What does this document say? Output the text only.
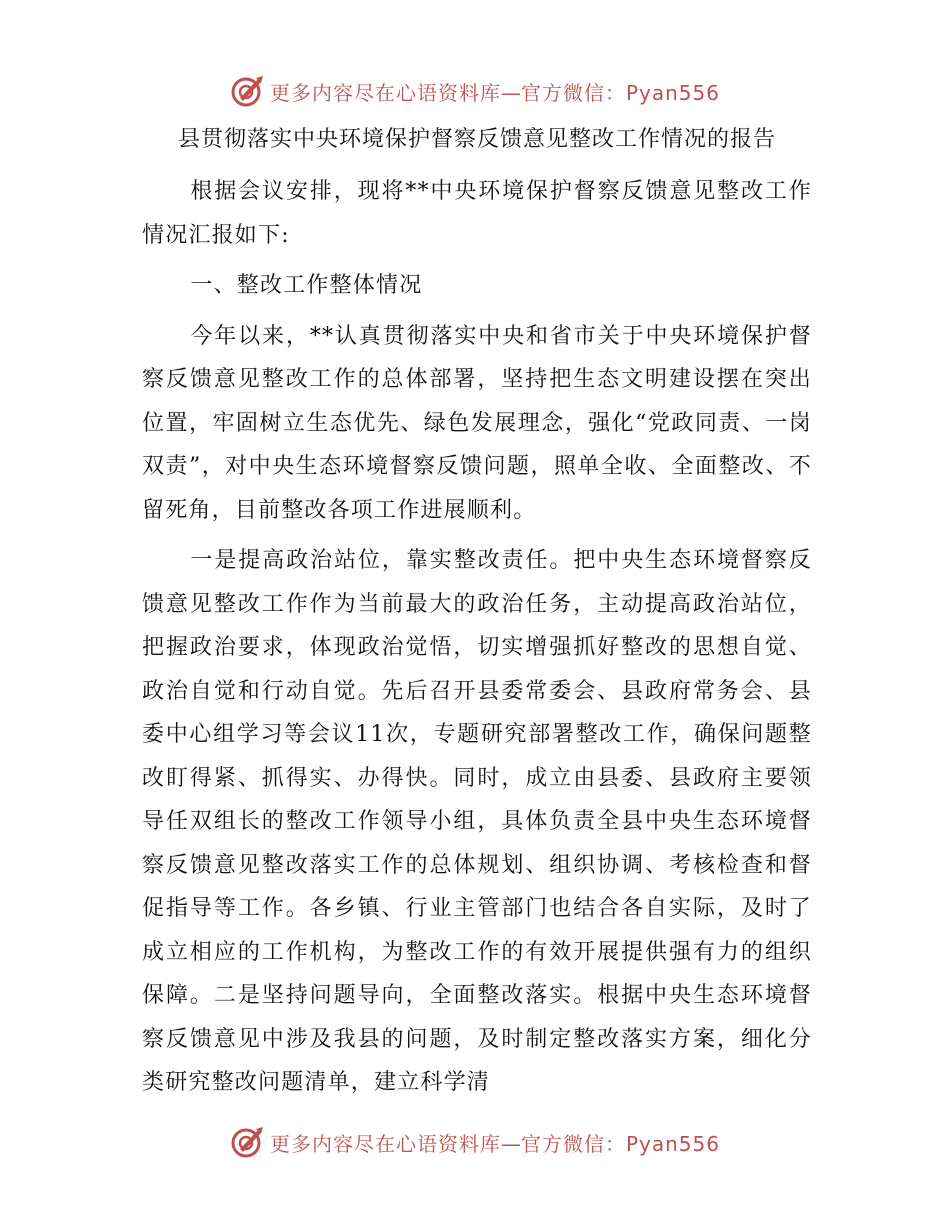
更多内容尽在心语资料库—官方微信：Pyan556
县贯彻落实中央环境保护督察反馈意见整改工作情况的报告

根据会议安排，现将**中央环境保护督察反馈意见整改工作情况汇报如下:

一、整改工作整体情况

今年以来，**认真贯彻落实中央和省市关于中央环境保护督察反馈意见整改工作的总体部署，坚持把生态文明建设摆在突出位置，牢固树立生态优先、绿色发展理念，强化“党政同责、一岗双责”，对中央生态环境督察反馈问题，照单全收、全面整改、不留死角，目前整改各项工作进展顺利。

一是提高政治站位，靠实整改责任。把中央生态环境督察反馈意见整改工作作为当前最大的政治任务，主动提高政治站位，把握政治要求，体现政治觉悟，切实增强抓好整改的思想自觉、政治自觉和行动自觉。先后召开县委常委会、县政府常务会、县委中心组学习等会议11次，专题研究部署整改工作，确保问题整改盯得紧、抓得实、办得快。同时，成立由县委、县政府主要领导任双组长的整改工作领导小组，具体负责全县中央生态环境督察反馈意见整改落实工作的总体规划、组织协调、考核检查和督促指导等工作。各乡镇、行业主管部门也结合各自实际，及时了成立相应的工作机构，为整改工作的有效开展提供强有力的组织保障。二是坚持问题导向，全面整改落实。根据中央生态环境督察反馈意见中涉及我县的问题，及时制定整改落实方案，细化分类研究整改问题清单，建立科学清

更多内容尽在心语资料库—官方微信：Pyan556
